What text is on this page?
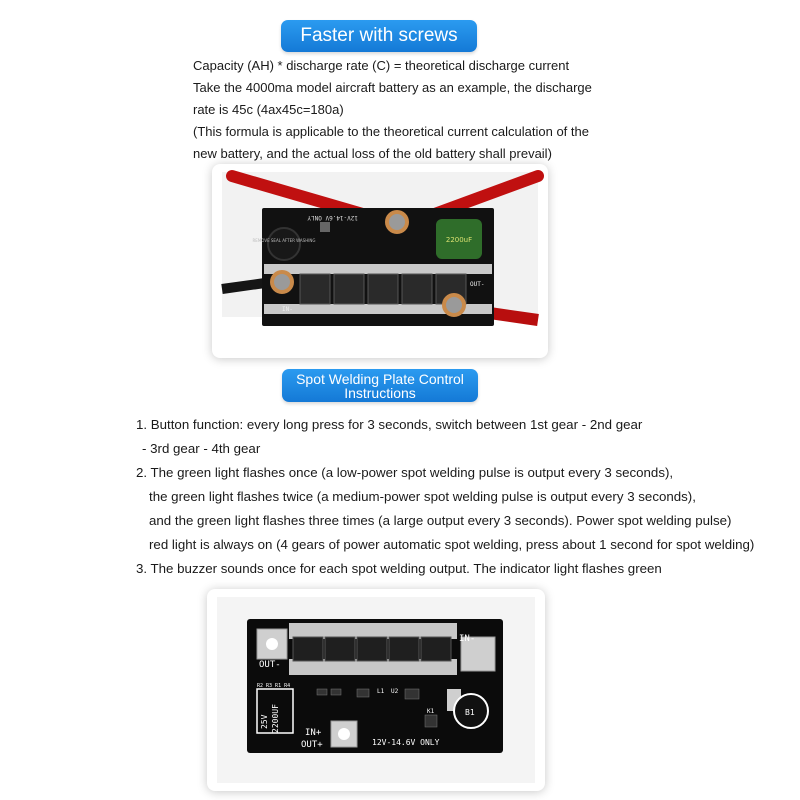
Faster with screws

Capacity (AH) * discharge rate (C) = theoretical discharge current

Take the 4000ma model aircraft battery as an example, the discharge

rate is 45c (4ax45c=180a)

(This formula is applicable to the theoretical current calculation of the

new battery, and the actual loss of the old battery shall prevail)

12V-14.6V ONLY
REMOVE SEAL AFTER WASHING	2200uF
IN-
OUT-
Spot Welding Plate Control
Instructions

1. Button function: every long press for 3 seconds, switch between 1st gear - 2nd gear

- 3rd gear - 4th gear

2. The green light flashes once (a low-power spot welding pulse is output every 3 seconds),

the green light flashes twice (a medium-power spot welding pulse is output every 3 seconds),

and the green light flashes three times (a large output every 3 seconds). Power spot welding pulse)

red light is always on (4 gears of power automatic spot welding, press about 1 second for spot welding)

3. The buzzer sounds once for each spot welding output. The indicator light flashes green

25V 2200UF
IN-
OUT-
IN+
OUT+	12V-14.6V ONLY
B1
K1
L1 U2
R2 R3 R1 R4
